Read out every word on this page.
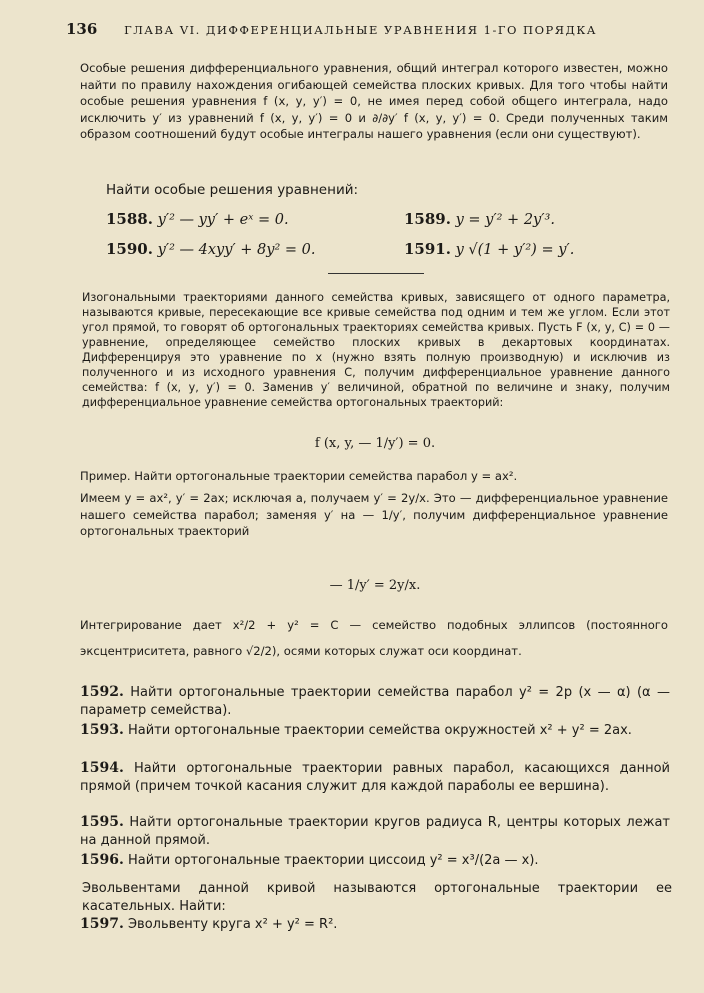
136 ГЛАВА VI. ДИФФЕРЕНЦИАЛЬНЫЕ УРАВНЕНИЯ 1-ГО ПОРЯДКА
Особые решения дифференциального уравнения, общий интеграл которого известен, можно найти по правилу нахождения огибающей семейства плоских кривых. Для того чтобы найти особые решения уравнения f (x, y, y′) = 0, не имея перед собой общего интеграла, надо исключить y′ из уравнений f (x, y, y′) = 0 и ∂/∂y′ f (x, y, y′) = 0. Среди полученных таким образом соотношений будут особые интегралы нашего уравнения (если они существуют).
Найти особые решения уравнений:
1588. y′² — yy′ + eˣ = 0.	1589. y = y′² + 2y′³.
1590. y′² — 4xyy′ + 8y² = 0.	1591. y √(1 + y′²) = y′.
Изогональными траекториями данного семейства кривых, зависящего от одного параметра, называются кривые, пересекающие все кривые семейства под одним и тем же углом. Если этот угол прямой, то говорят об ортогональных траекториях семейства кривых. Пусть F (x, y, C) = 0 — уравнение, определяющее семейство плоских кривых в декартовых координатах. Дифференцируя это уравнение по x (нужно взять полную производную) и исключив из полученного и из исходного уравнения C, получим дифференциальное уравнение данного семейства: f (x, y, y′) = 0. Заменив y′ величиной, обратной по величине и знаку, получим дифференциальное уравнение семейства ортогональных траекторий:
f (x, y, — 1/y′) = 0.
Пример. Найти ортогональные траектории семейства парабол y = ax².
Имеем y = ax², y′ = 2ax; исключая a, получаем y′ = 2y/x. Это — дифференциальное уравнение нашего семейства парабол; заменяя y′ на — 1/y′, получим дифференциальное уравнение ортогональных траекторий
— 1/y′ = 2y/x.
Интегрирование дает x²/2 + y² = C — семейство подобных эллипсов (постоянного эксцентриситета, равного √2/2), осями которых служат оси координат.
1592. Найти ортогональные траектории семейства парабол y² = 2p (x — α) (α — параметр семейства).
1593. Найти ортогональные траектории семейства окружностей x² + y² = 2ax.
1594. Найти ортогональные траектории равных парабол, касающихся данной прямой (причем точкой касания служит для каждой параболы ее вершина).
1595. Найти ортогональные траектории кругов радиуса R, центры которых лежат на данной прямой.
1596. Найти ортогональные траектории циссоид y² = x³/(2a — x).
Эвольвентами данной кривой называются ортогональные траектории ее касательных. Найти:
1597. Эвольвенту круга x² + y² = R².
